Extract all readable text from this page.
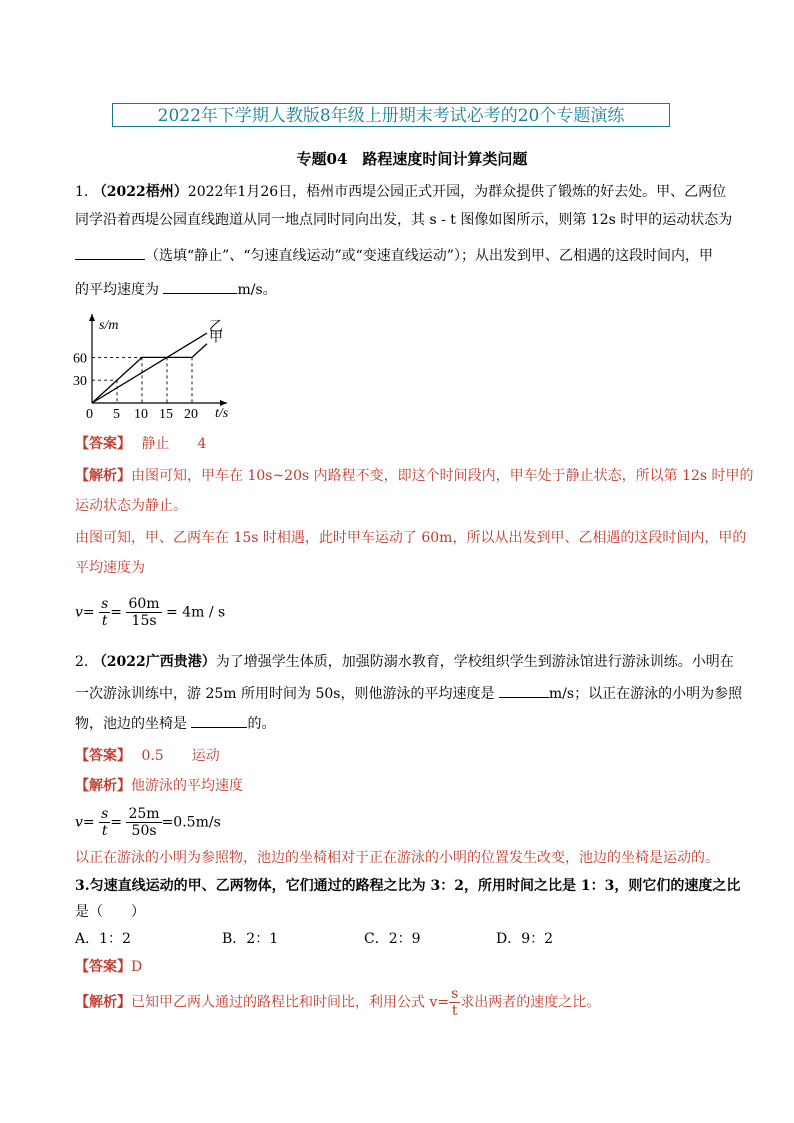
2022年下学期人教版8年级上册期末考试必考的20个专题演练
专题04　路程速度时间计算类问题
1. （2022梧州）2022年1月26日，梧州市西堤公园正式开园，为群众提供了锻炼的好去处。甲、乙两位
同学沿着西堤公园直线跑道从同一地点同时同向出发，其 s - t 图像如图所示，则第 12s 时甲的运动状态为
（选填“静止”、“匀速直线运动”或“变速直线运动”）；从出发到甲、乙相遇的这段时间内，甲
的平均速度为	m/s。
甲
乙
0 5 10 15 20
30
60
t/s
s/m
【答案】 静止　　4
【解析】由图可知，甲车在 10s~20s 内路程不变，即这个时间段内，甲车处于静止状态，所以第 12s 时甲的
运动状态为静止。
由图可知，甲、乙两车在 15s 时相遇，此时甲车运动了 60m，所以从出发到甲、乙相遇的这段时间内，甲的
平均速度为
$v= \frac{s}{t} = \frac{60m}{15s} = 4m / s$
2. （2022广西贵港）为了增强学生体质，加强防溺水教育，学校组织学生到游泳馆进行游泳训练。小明在
一次游泳训练中，游 25m 所用时间为 50s，则他游泳的平均速度是	m/s；以正在游泳的小明为参照
物，池边的坐椅是	的。
【答案】 0.5　　运动
【解析】他游泳的平均速度
$v= \frac{s}{t} = \frac{25m}{50s} =0.5m/s$
以正在游泳的小明为参照物，池边的坐椅相对于正在游泳的小明的位置发生改变，池边的坐椅是运动的。
3.匀速直线运动的甲、乙两物体，它们通过的路程之比为 3：2，所用时间之比是 1：3，则它们的速度之比
是（　　）
A．1：2	B．2：1	C．2：9	D．9：2
【答案】D
【解析】已知甲乙两人通过的路程比和时间比，利用公式 $v= \frac{s}{t}$ 求出两者的速度之比。
